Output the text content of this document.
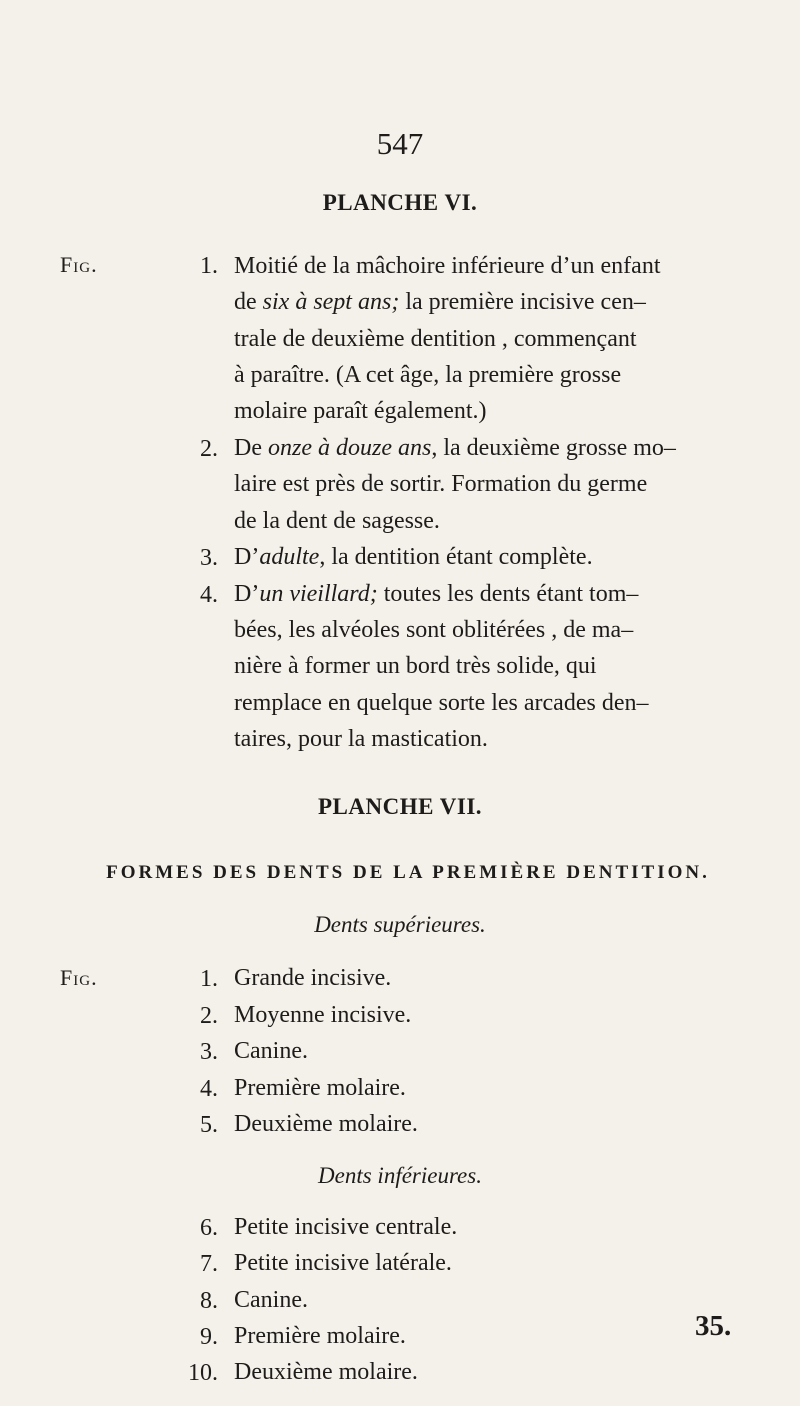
547
PLANCHE VI.
Fig.	1. Moitié de la mâchoire inférieure d’un enfant
de six à sept ans; la première incisive cen–
trale de deuxième dentition , commençant
à paraître. (A cet âge, la première grosse
molaire paraît également.)
2. De onze à douze ans, la deuxième grosse mo–
laire est près de sortir. Formation du germe
de la dent de sagesse.
3. D’adulte, la dentition étant complète.
4. D’un vieillard; toutes les dents étant tom–
bées, les alvéoles sont oblitérées , de ma–
nière à former un bord très solide, qui
remplace en quelque sorte les arcades den–
taires, pour la mastication.
PLANCHE VII.
FORMES DES DENTS DE LA PREMIÈRE DENTITION.
Dents supérieures.
Fig.	1. Grande incisive.
2. Moyenne incisive.
3. Canine.
4. Première molaire.
5. Deuxième molaire.
Dents inférieures.
6. Petite incisive centrale.
7. Petite incisive latérale.
8. Canine.
9. Première molaire.
10. Deuxième molaire.
35.
